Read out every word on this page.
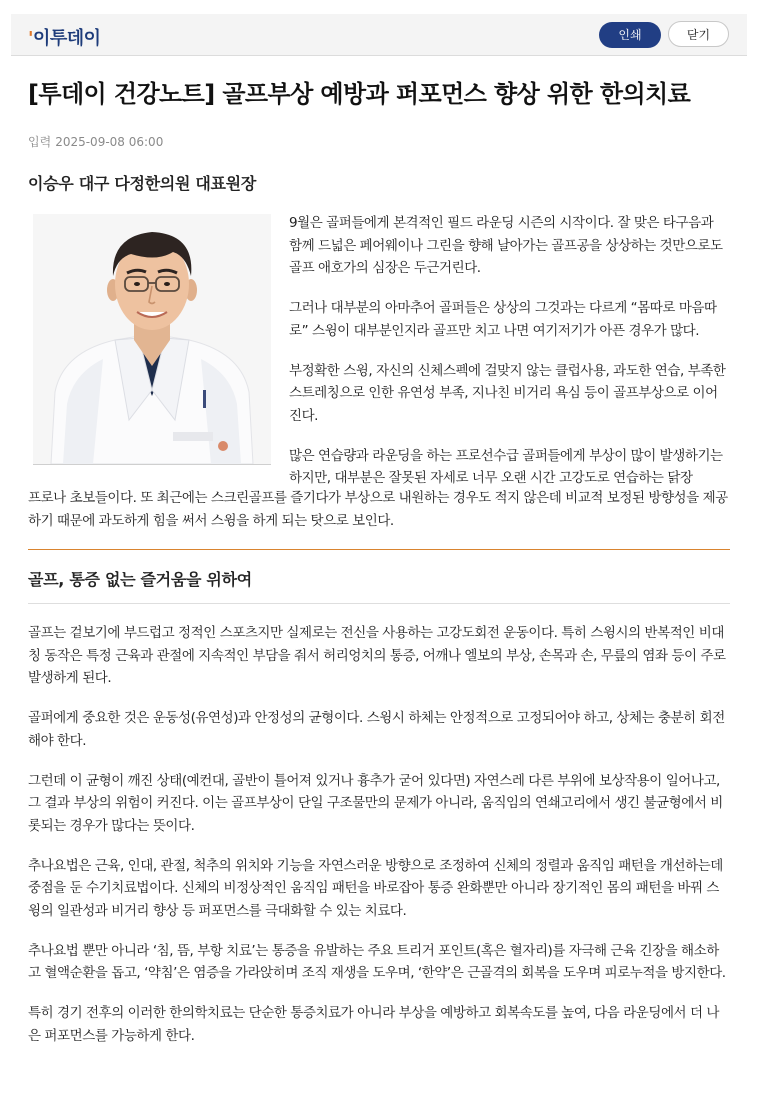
'이투데이	인쇄	닫기
[투데이 건강노트] 골프부상 예방과 퍼포먼스 향상 위한 한의치료
입력 2025-09-08 06:00
이승우 대구 다정한의원 대표원장

9월은 골퍼들에게 본격적인 필드 라운딩 시즌의 시작이다. 잘 맞은 타구음과 함께 드넓은 페어웨이나 그린을 향해 날아가는 골프공을 상상하는 것만으로도 골프 애호가의 심장은 두근거린다.

그러나 대부분의 아마추어 골퍼들은 상상의 그것과는 다르게 “몸따로 마음따로” 스윙이 대부분인지라 골프만 치고 나면 여기저기가 아픈 경우가 많다.

부정확한 스윙, 자신의 신체스펙에 걸맞지 않는 클럽사용, 과도한 연습, 부족한 스트레칭으로 인한 유연성 부족, 지나친 비거리 욕심 등이 골프부상으로 이어진다.

많은 연습량과 라운딩을 하는 프로선수급 골퍼들에게 부상이 많이 발생하기는 하지만, 대부분은 잘못된 자세로 너무 오랜 시간 고강도로 연습하는 닭장

프로나 초보들이다. 또 최근에는 스크린골프를 즐기다가 부상으로 내원하는 경우도 적지 않은데 비교적 보정된 방향성을 제공하기 때문에 과도하게 힘을 써서 스윙을 하게 되는 탓으로 보인다.

골프, 통증 없는 즐거움을 위하여

골프는 겉보기에 부드럽고 정적인 스포츠지만 실제로는 전신을 사용하는 고강도회전 운동이다. 특히 스윙시의 반복적인 비대칭 동작은 특정 근육과 관절에 지속적인 부담을 줘서 허리엉치의 통증, 어깨나 엘보의 부상, 손목과 손, 무릎의 염좌 등이 주로 발생하게 된다.

골퍼에게 중요한 것은 운동성(유연성)과 안정성의 균형이다. 스윙시 하체는 안정적으로 고정되어야 하고, 상체는 충분히 회전해야 한다.

그런데 이 균형이 깨진 상태(예컨대, 골반이 틀어져 있거나 흉추가 굳어 있다면) 자연스레 다른 부위에 보상작용이 일어나고, 그 결과 부상의 위험이 커진다. 이는 골프부상이 단일 구조물만의 문제가 아니라, 움직임의 연쇄고리에서 생긴 불균형에서 비롯되는 경우가 많다는 뜻이다.

추나요법은 근육, 인대, 관절, 척추의 위치와 기능을 자연스러운 방향으로 조정하여 신체의 정렬과 움직임 패턴을 개선하는데 중점을 둔 수기치료법이다. 신체의 비정상적인 움직임 패턴을 바로잡아 통증 완화뿐만 아니라 장기적인 몸의 패턴을 바꿔 스윙의 일관성과 비거리 향상 등 퍼포먼스를 극대화할 수 있는 치료다.

추나요법 뿐만 아니라 ‘침, 뜸, 부항 치료’는 통증을 유발하는 주요 트리거 포인트(혹은 혈자리)를 자극해 근육 긴장을 해소하고 혈액순환을 돕고, ‘약침’은 염증을 가라앉히며 조직 재생을 도우며, ‘한약’은 근골격의 회복을 도우며 피로누적을 방지한다.

특히 경기 전후의 이러한 한의학치료는 단순한 통증치료가 아니라 부상을 예방하고 회복속도를 높여, 다음 라운딩에서 더 나은 퍼포먼스를 가능하게 한다.
